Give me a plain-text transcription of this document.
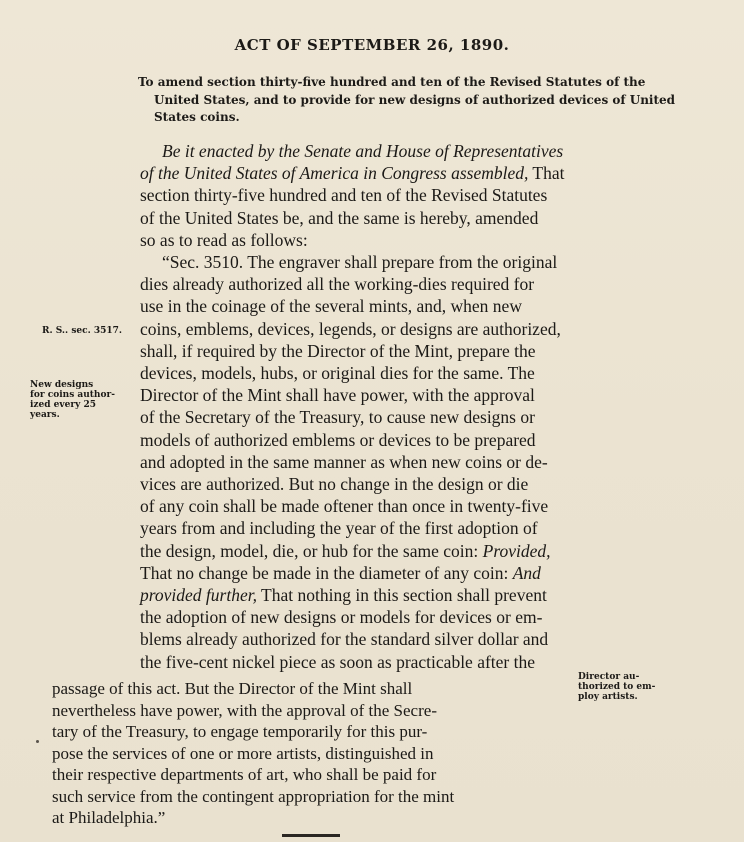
ACT OF SEPTEMBER 26, 1890.
To amend section thirty-five hundred and ten of the Revised Statutes of the
United States, and to provide for new designs of authorized devices of United
States coins.
Be it enacted by the Senate and House of Representatives
of the United States of America in Congress assembled, That
section thirty-five hundred and ten of the Revised Statutes
of the United States be, and the same is hereby, amended
so as to read as follows:
“Sec. 3510. The engraver shall prepare from the original
dies already authorized all the working-dies required for
use in the coinage of the several mints, and, when new
coins, emblems, devices, legends, or designs are authorized,
shall, if required by the Director of the Mint, prepare the
devices, models, hubs, or original dies for the same. The
Director of the Mint shall have power, with the approval
of the Secretary of the Treasury, to cause new designs or
models of authorized emblems or devices to be prepared
and adopted in the same manner as when new coins or de-
vices are authorized. But no change in the design or die
of any coin shall be made oftener than once in twenty-five
years from and including the year of the first adoption of
the design, model, die, or hub for the same coin: Provided,
That no change be made in the diameter of any coin: And
provided further, That nothing in this section shall prevent
the adoption of new designs or models for devices or em-
blems already authorized for the standard silver dollar and
the five-cent nickel piece as soon as practicable after the
R. S.. sec. 3517.
New designs
for coins author-
ized every 25
years.
passage of this act. But the Director of the Mint shall
nevertheless have power, with the approval of the Secre-
tary of the Treasury, to engage temporarily for this pur-
pose the services of one or more artists, distinguished in
their respective departments of art, who shall be paid for
such service from the contingent appropriation for the mint
at Philadelphia.”
Director au-
thorized to em-
ploy artists.
